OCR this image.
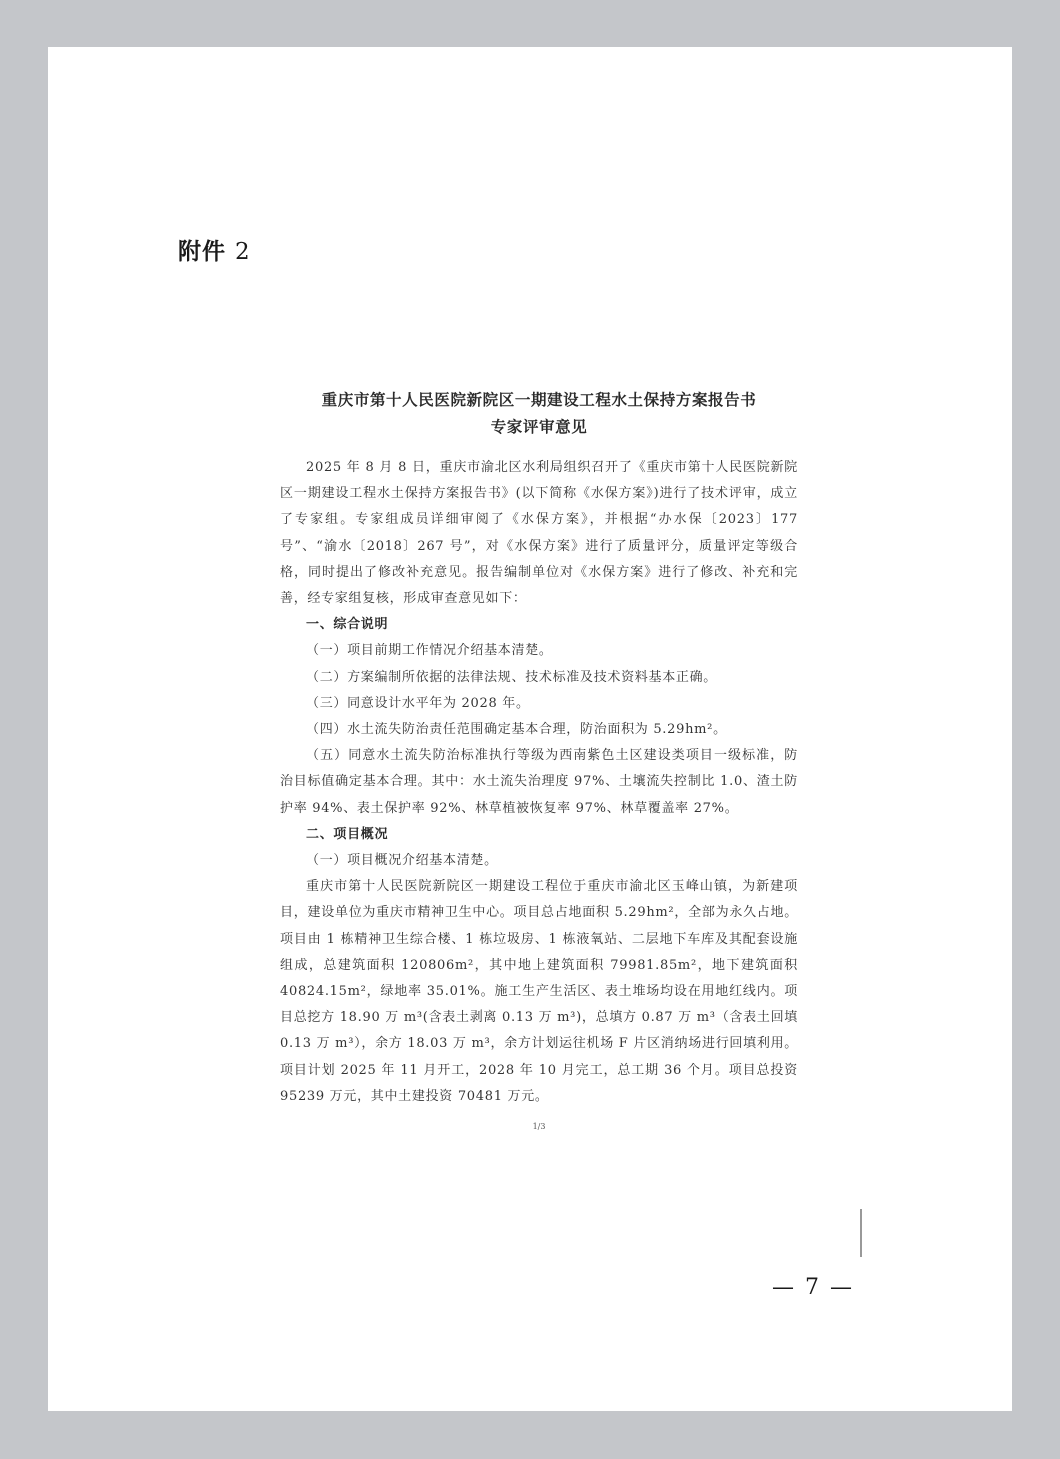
附件 2
重庆市第十人民医院新院区一期建设工程水土保持方案报告书
专家评审意见

2025 年 8 月 8 日，重庆市渝北区水利局组织召开了《重庆市第十人民医院新院区一期建设工程水土保持方案报告书》(以下简称《水保方案》)进行了技术评审，成立了专家组。专家组成员详细审阅了《水保方案》，并根据“办水保〔2023〕177 号”、“渝水〔2018〕267 号”，对《水保方案》进行了质量评分，质量评定等级合格，同时提出了修改补充意见。报告编制单位对《水保方案》进行了修改、补充和完善，经专家组复核，形成审查意见如下：

一、综合说明

（一）项目前期工作情况介绍基本清楚。

（二）方案编制所依据的法律法规、技术标准及技术资料基本正确。

（三）同意设计水平年为 2028 年。

（四）水土流失防治责任范围确定基本合理，防治面积为 5.29hm²。

（五）同意水土流失防治标准执行等级为西南紫色土区建设类项目一级标准，防治目标值确定基本合理。其中：水土流失治理度 97%、土壤流失控制比 1.0、渣土防护率 94%、表土保护率 92%、林草植被恢复率 97%、林草覆盖率 27%。

二、项目概况

（一）项目概况介绍基本清楚。

重庆市第十人民医院新院区一期建设工程位于重庆市渝北区玉峰山镇，为新建项目，建设单位为重庆市精神卫生中心。项目总占地面积 5.29hm²，全部为永久占地。项目由 1 栋精神卫生综合楼、1 栋垃圾房、1 栋液氧站、二层地下车库及其配套设施组成，总建筑面积 120806m²，其中地上建筑面积 79981.85m²，地下建筑面积 40824.15m²，绿地率 35.01%。施工生产生活区、表土堆场均设在用地红线内。项目总挖方 18.90 万 m³(含表土剥离 0.13 万 m³)，总填方 0.87 万 m³（含表土回填 0.13 万 m³），余方 18.03 万 m³，余方计划运往机场 F 片区消纳场进行回填利用。项目计划 2025 年 11 月开工，2028 年 10 月完工，总工期 36 个月。项目总投资 95239 万元，其中土建投资 70481 万元。

1/3
— 7 —
